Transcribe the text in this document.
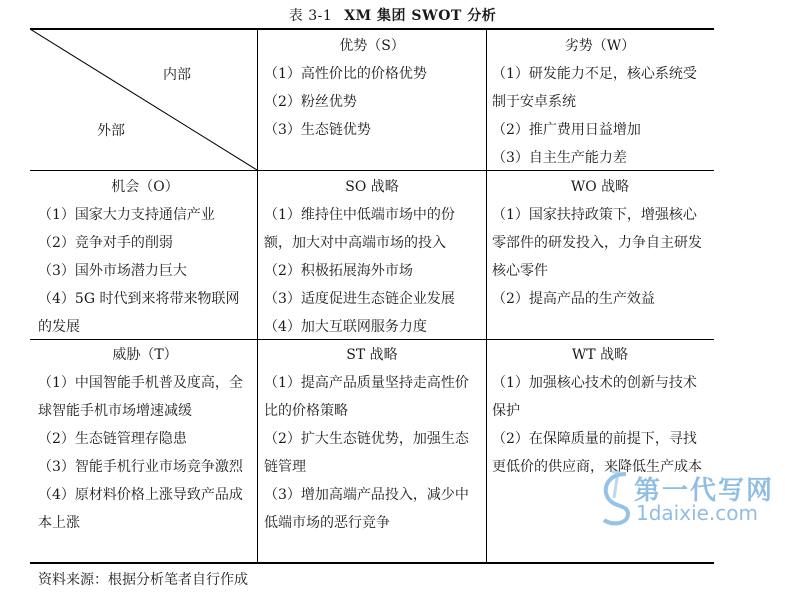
表 3-1 XM 集团 SWOT 分析
内部
外部
优势（S）
（1）高性价比的价格优势
（2）粉丝优势
（3）生态链优势
劣势（W）
（1）研发能力不足，核心系统受制于安卓系统
（2）推广费用日益增加
（3）自主生产能力差
机会（O）
（1）国家大力支持通信产业
（2）竞争对手的削弱
（3）国外市场潜力巨大
（4）5G 时代到来将带来物联网的发展
SO 战略
（1）维持住中低端市场中的份额，加大对中高端市场的投入
（2）积极拓展海外市场
（3）适度促进生态链企业发展
（4）加大互联网服务力度
WO 战略
（1）国家扶持政策下，增强核心零部件的研发投入，力争自主研发核心零件
（2）提高产品的生产效益
威胁（T）
（1）中国智能手机普及度高，全球智能手机市场增速减缓
（2）生态链管理存隐患
（3）智能手机行业市场竞争激烈
（4）原材料价格上涨导致产品成本上涨
ST 战略
（1）提高产品质量坚持走高性价比的价格策略
（2）扩大生态链优势，加强生态链管理
（3）增加高端产品投入，减少中低端市场的恶行竞争
WT 战略
（1）加强核心技术的创新与技术保护
（2）在保障质量的前提下，寻找更低价的供应商，来降低生产成本
资料来源：根据分析笔者自行作成
第一代写网
1daixie.com
